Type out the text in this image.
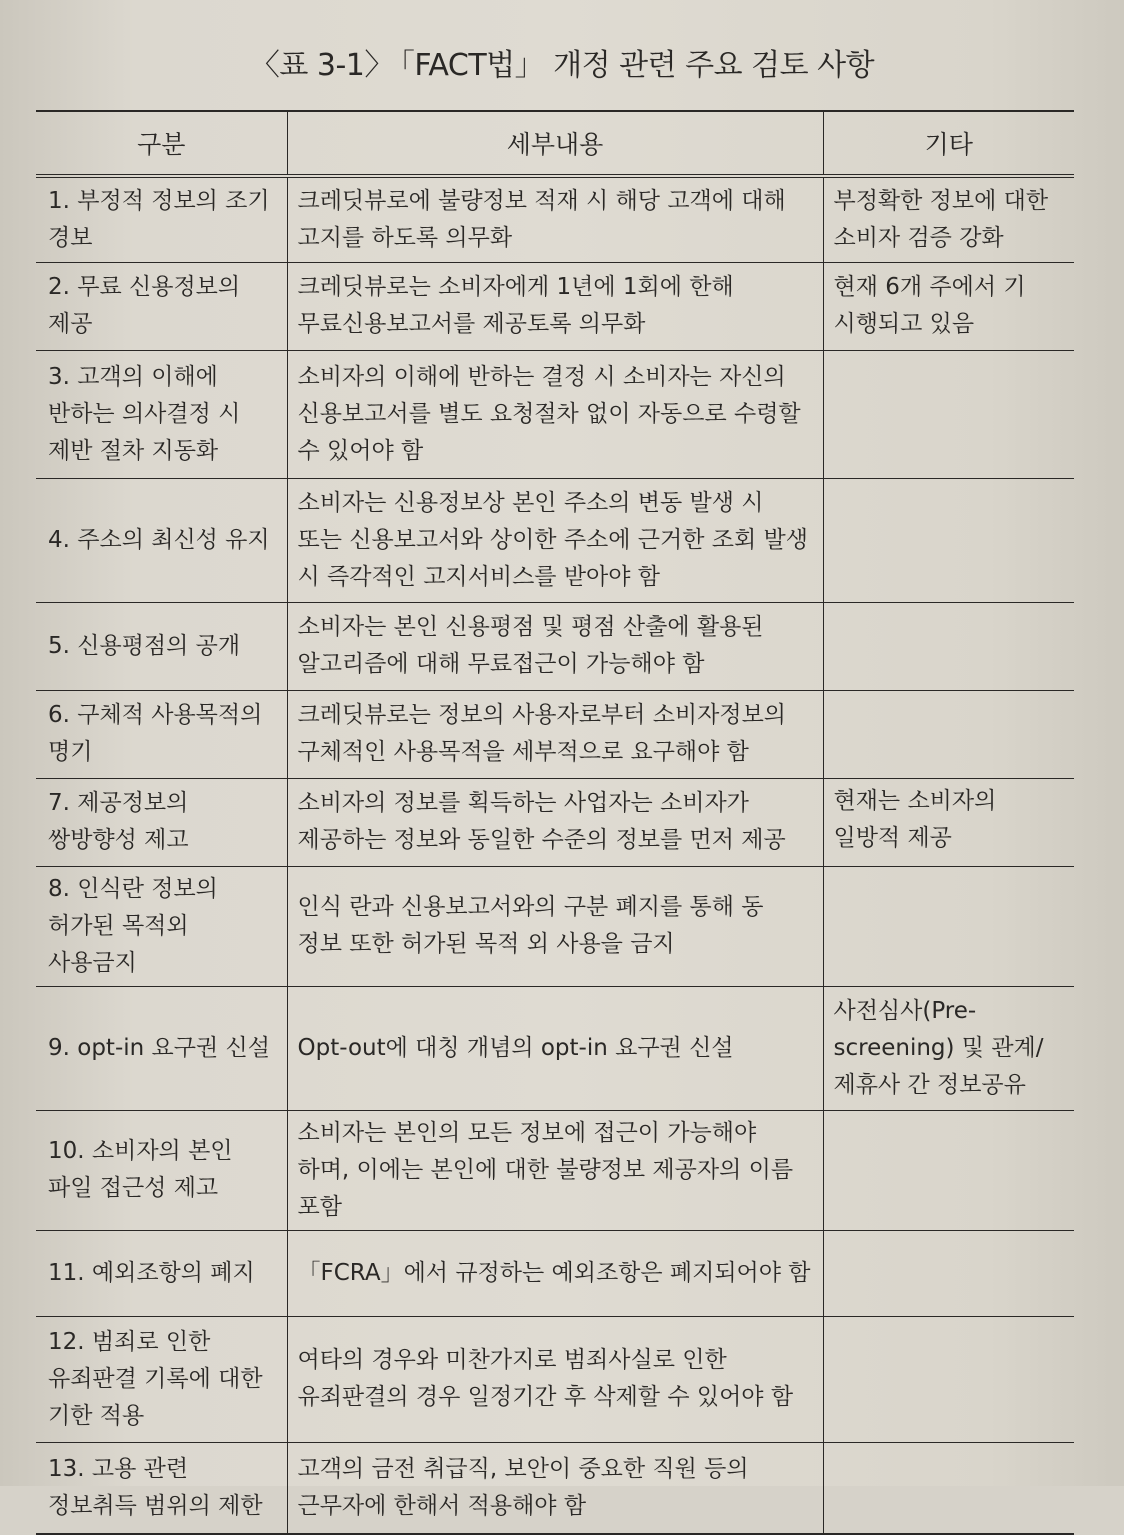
〈표 3-1〉 「FACT법」 개정 관련 주요 검토 사항
구분	세부내용	기타
1. 부정적 정보의 조기 경보	크레딧뷰로에 불량정보 적재 시 해당 고객에 대해 고지를 하도록 의무화	부정확한 정보에 대한 소비자 검증 강화
2. 무료 신용정보의 제공	크레딧뷰로는 소비자에게 1년에 1회에 한해 무료신용보고서를 제공토록 의무화	현재 6개 주에서 기 시행되고 있음
3. 고객의 이해에 반하는 의사결정 시 제반 절차 지동화	소비자의 이해에 반하는 결정 시 소비자는 자신의 신용보고서를 별도 요청절차 없이 자동으로 수령할 수 있어야 함	
4. 주소의 최신성 유지	소비자는 신용정보상 본인 주소의 변동 발생 시 또는 신용보고서와 상이한 주소에 근거한 조회 발생 시 즉각적인 고지서비스를 받아야 함	
5. 신용평점의 공개	소비자는 본인 신용평점 및 평점 산출에 활용된 알고리즘에 대해 무료접근이 가능해야 함	
6. 구체적 사용목적의 명기	크레딧뷰로는 정보의 사용자로부터 소비자정보의 구체적인 사용목적을 세부적으로 요구해야 함	
7. 제공정보의 쌍방향성 제고	소비자의 정보를 획득하는 사업자는 소비자가 제공하는 정보와 동일한 수준의 정보를 먼저 제공	현재는 소비자의 일방적 제공
8. 인식란 정보의 허가된 목적외 사용금지	인식 란과 신용보고서와의 구분 폐지를 통해 동 정보 또한 허가된 목적 외 사용을 금지	
9. opt-in 요구권 신설	Opt-out에 대칭 개념의 opt-in 요구권 신설	사전심사(Pre-screening) 및 관계/제휴사 간 정보공유
10. 소비자의 본인 파일 접근성 제고	소비자는 본인의 모든 정보에 접근이 가능해야 하며, 이에는 본인에 대한 불량정보 제공자의 이름 포함	
11. 예외조항의 폐지	「FCRA」에서 규정하는 예외조항은 폐지되어야 함	
12. 범죄로 인한 유죄판결 기록에 대한 기한 적용	여타의 경우와 미찬가지로 범죄사실로 인한 유죄판결의 경우 일정기간 후 삭제할 수 있어야 함	
13. 고용 관련 정보취득 범위의 제한	고객의 금전 취급직, 보안이 중요한 직원 등의 근무자에 한해서 적용해야 함	
